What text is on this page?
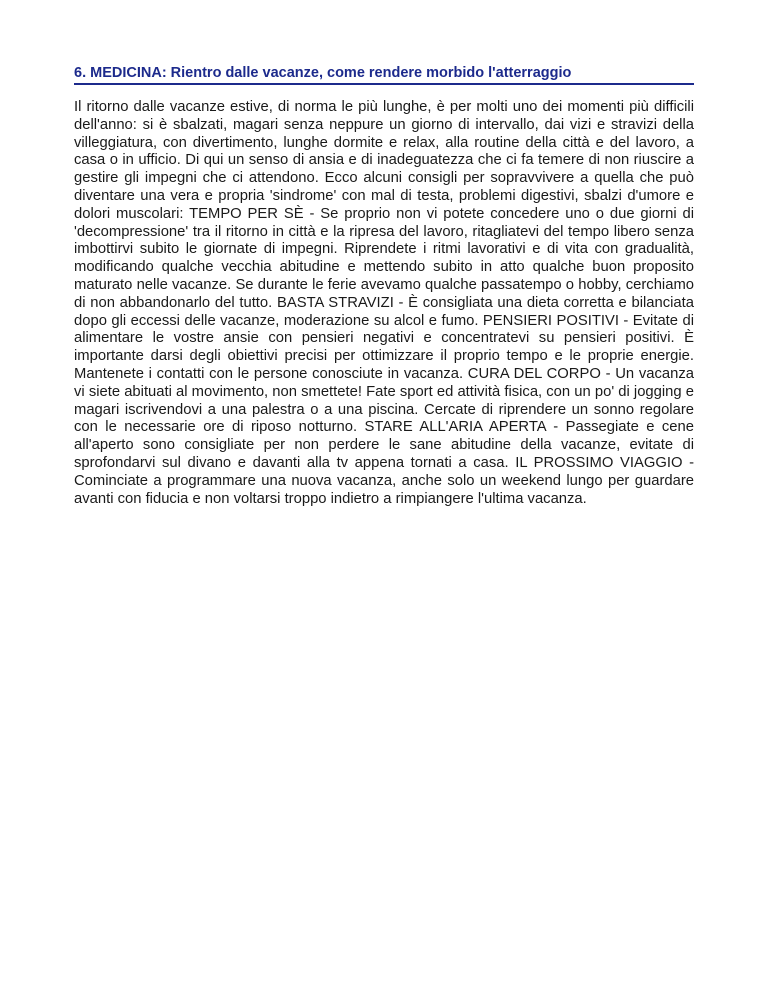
6. MEDICINA: Rientro dalle vacanze, come rendere morbido l'atterraggio

Il ritorno dalle vacanze estive, di norma le più lunghe, è per molti uno dei momenti più difficili dell'anno: si è sbalzati, magari senza neppure un giorno di intervallo, dai vizi e stravizi della villeggiatura, con divertimento, lunghe dormite e relax, alla routine della città e del lavoro, a casa o in ufficio. Di qui un senso di ansia e di inadeguatezza che ci fa temere di non riuscire a gestire gli impegni che ci attendono. Ecco alcuni consigli per sopravvivere a quella che può diventare una vera e propria 'sindrome' con mal di testa, problemi digestivi, sbalzi d'umore e dolori muscolari: TEMPO PER SÈ - Se proprio non vi potete concedere uno o due giorni di 'decompressione' tra il ritorno in città e la ripresa del lavoro, ritagliatevi del tempo libero senza imbottirvi subito le giornate di impegni. Riprendete i ritmi lavorativi e di vita con gradualità, modificando qualche vecchia abitudine e mettendo subito in atto qualche buon proposito maturato nelle vacanze. Se durante le ferie avevamo qualche passatempo o hobby, cerchiamo di non abbandonarlo del tutto. BASTA STRAVIZI - È consigliata una dieta corretta e bilanciata dopo gli eccessi delle vacanze, moderazione su alcol e fumo. PENSIERI POSITIVI - Evitate di alimentare le vostre ansie con pensieri negativi e concentratevi su pensieri positivi. È importante darsi degli obiettivi precisi per ottimizzare il proprio tempo e le proprie energie. Mantenete i contatti con le persone conosciute in vacanza. CURA DEL CORPO - Un vacanza vi siete abituati al movimento, non smettete! Fate sport ed attività fisica, con un po' di jogging e magari iscrivendovi a una palestra o a una piscina. Cercate di riprendere un sonno regolare con le necessarie ore di riposo notturno. STARE ALL'ARIA APERTA - Passegiate e cene all'aperto sono consigliate per non perdere le sane abitudine della vacanze, evitate di sprofondarvi sul divano e davanti alla tv appena tornati a casa. IL PROSSIMO VIAGGIO - Cominciate a programmare una nuova vacanza, anche solo un weekend lungo per guardare avanti con fiducia e non voltarsi troppo indietro a rimpiangere l'ultima vacanza.
